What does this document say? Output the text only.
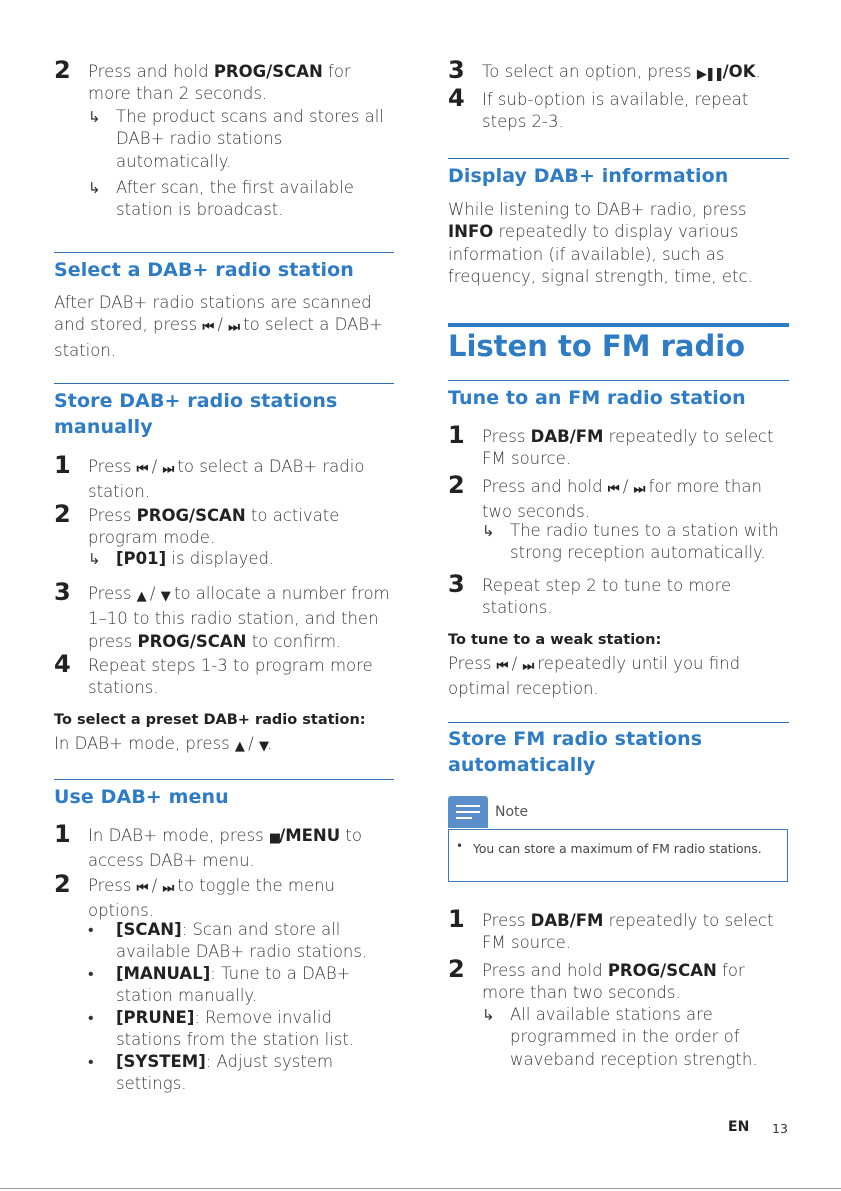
2 Press and hold PROG/SCAN for more than 2 seconds.
↳ The product scans and stores all DAB+ radio stations automatically.
↳ After scan, the first available station is broadcast.
Select a DAB+ radio station
After DAB+ radio stations are scanned and stored, press ⏮ / ⏭ to select a DAB+ station.
Store DAB+ radio stations
manually
1 Press ⏮ / ⏭ to select a DAB+ radio station.
2 Press PROG/SCAN to activate program mode.
↳ [P01] is displayed.
3 Press ▲ / ▼ to allocate a number from 1–10 to this radio station, and then press PROG/SCAN to confirm.
4 Repeat steps 1-3 to program more stations.
To select a preset DAB+ radio station:
In DAB+ mode, press ▲ / ▼.
Use DAB+ menu
1 In DAB+ mode, press ■/MENU to access DAB+ menu.
2 Press ⏮ / ⏭ to toggle the menu options.
• [SCAN]: Scan and store all available DAB+ radio stations.
• [MANUAL]: Tune to a DAB+ station manually.
• [PRUNE]: Remove invalid stations from the station list.
• [SYSTEM]: Adjust system settings.
3 To select an option, press ▶❚❚/OK.
4 If sub-option is available, repeat steps 2-3.
Display DAB+ information
While listening to DAB+ radio, press INFO repeatedly to display various information (if available), such as frequency, signal strength, time, etc.
Listen to FM radio
Tune to an FM radio station
1 Press DAB/FM repeatedly to select FM source.
2 Press and hold ⏮ / ⏭ for more than two seconds.
↳ The radio tunes to a station with strong reception automatically.
3 Repeat step 2 to tune to more stations.
To tune to a weak station:
Press ⏮ / ⏭ repeatedly until you find optimal reception.
Store FM radio stations
automatically
1 Press DAB/FM repeatedly to select FM source.
2 Press and hold PROG/SCAN for more than two seconds.
↳ All available stations are programmed in the order of waveband reception strength.
Note
• You can store a maximum of FM radio stations.
EN 13
